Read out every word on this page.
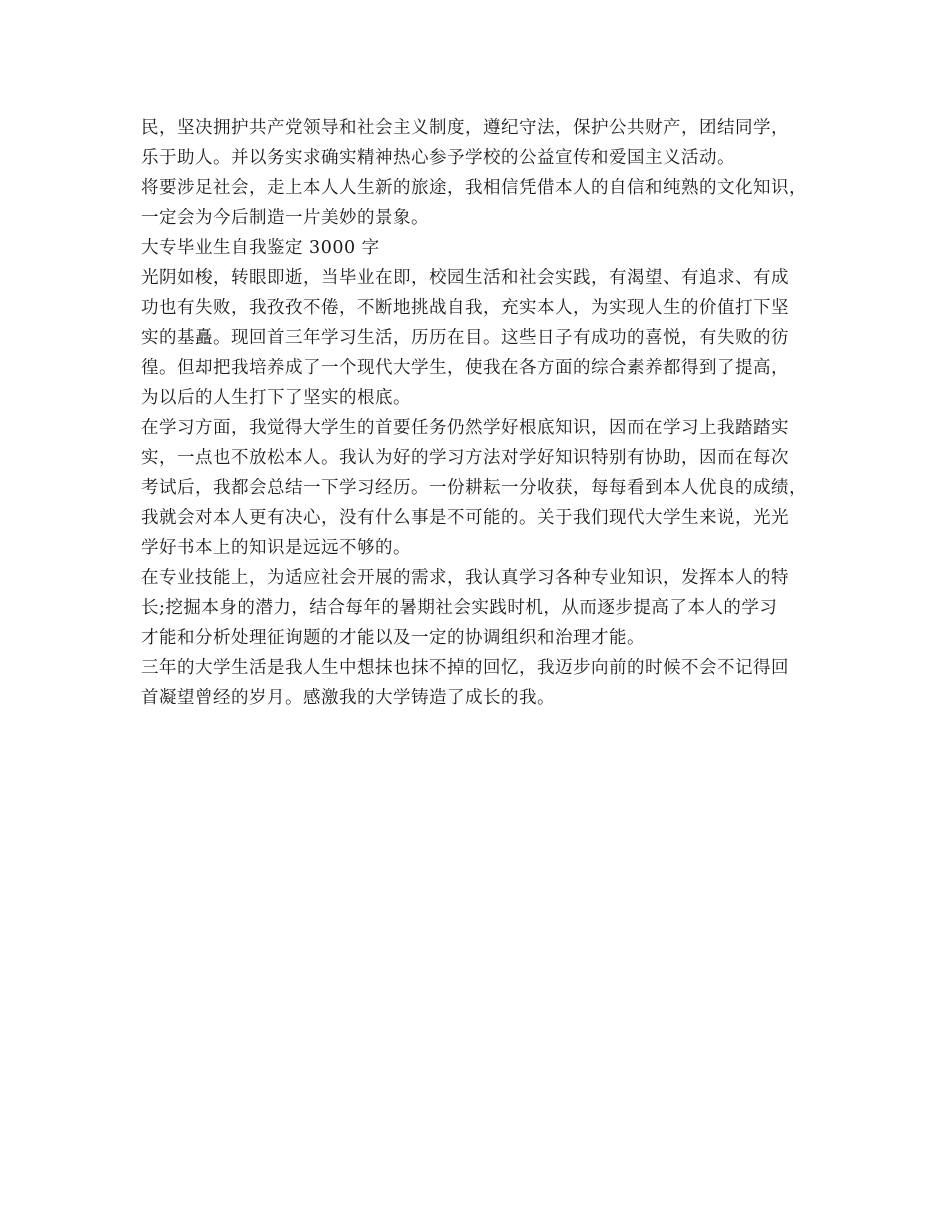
民，坚决拥护共产党领导和社会主义制度，遵纪守法，保护公共财产，团结同学，
乐于助人。并以务实求确实精神热心参予学校的公益宣传和爱国主义活动。
将要涉足社会，走上本人人生新的旅途，我相信凭借本人的自信和纯熟的文化知识，
一定会为今后制造一片美妙的景象。
大专毕业生自我鉴定 3000 字
光阴如梭，转眼即逝，当毕业在即，校园生活和社会实践，有渴望、有追求、有成
功也有失败，我孜孜不倦，不断地挑战自我，充实本人，为实现人生的价值打下坚
实的基矗。现回首三年学习生活，历历在目。这些日子有成功的喜悦，有失败的彷
徨。但却把我培养成了一个现代大学生，使我在各方面的综合素养都得到了提高，
为以后的人生打下了坚实的根底。
在学习方面，我觉得大学生的首要任务仍然学好根底知识，因而在学习上我踏踏实
实，一点也不放松本人。我认为好的学习方法对学好知识特别有协助，因而在每次
考试后，我都会总结一下学习经历。一份耕耘一分收获，每每看到本人优良的成绩，
我就会对本人更有决心，没有什么事是不可能的。关于我们现代大学生来说，光光
学好书本上的知识是远远不够的。
在专业技能上，为适应社会开展的需求，我认真学习各种专业知识，发挥本人的特
长;挖掘本身的潜力，结合每年的暑期社会实践时机，从而逐步提高了本人的学习
才能和分析处理征询题的才能以及一定的协调组织和治理才能。
三年的大学生活是我人生中想抹也抹不掉的回忆，我迈步向前的时候不会不记得回
首凝望曾经的岁月。感激我的大学铸造了成长的我。
